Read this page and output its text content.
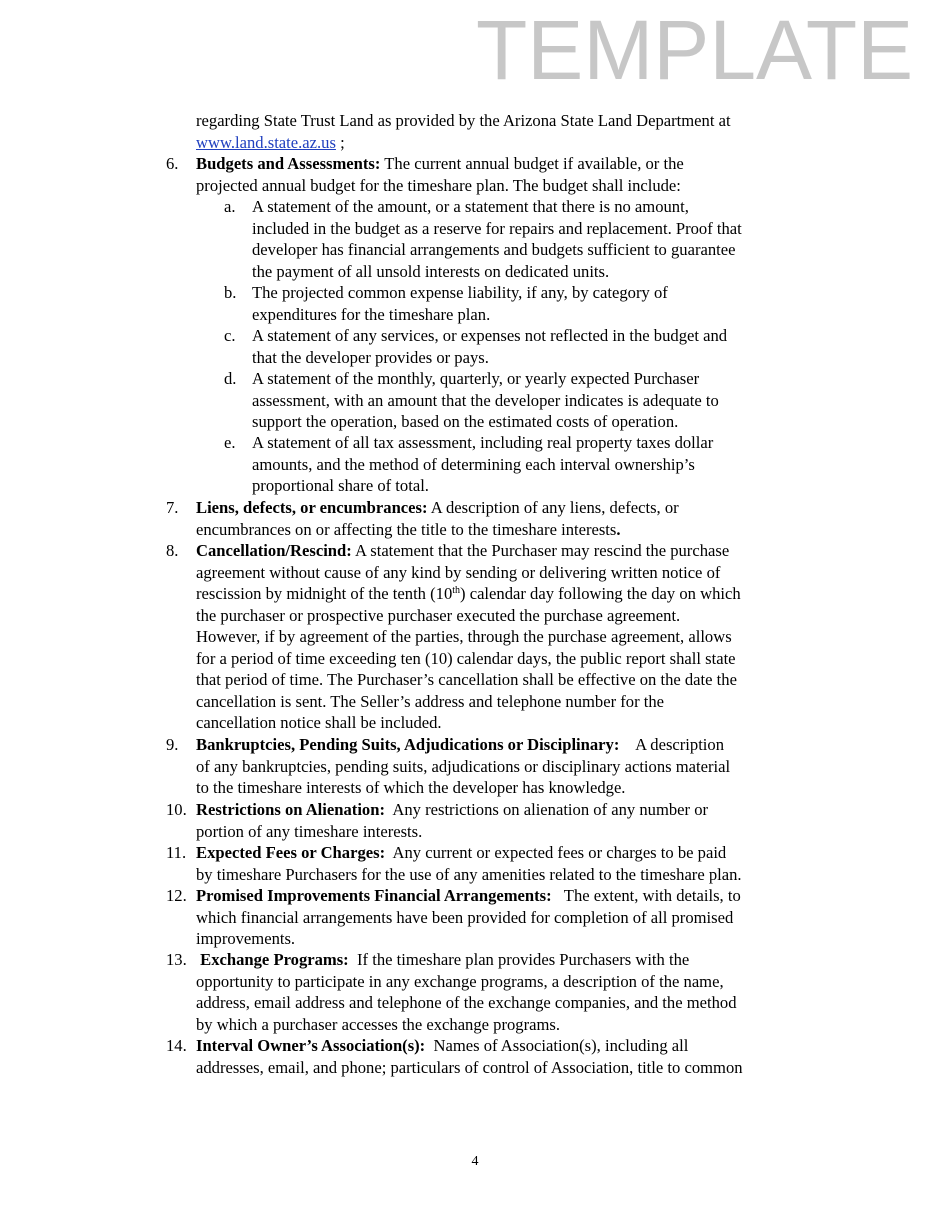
TEMPLATE
regarding State Trust Land as provided by the Arizona State Land Department at
www.land.state.az.us ;
6. Budgets and Assessments: The current annual budget if available, or the
projected annual budget for the timeshare plan. The budget shall include:
a. A statement of the amount, or a statement that there is no amount,
included in the budget as a reserve for repairs and replacement. Proof that
developer has financial arrangements and budgets sufficient to guarantee
the payment of all unsold interests on dedicated units.
b. The projected common expense liability, if any, by category of
expenditures for the timeshare plan.
c. A statement of any services, or expenses not reflected in the budget and
that the developer provides or pays.
d. A statement of the monthly, quarterly, or yearly expected Purchaser
assessment, with an amount that the developer indicates is adequate to
support the operation, based on the estimated costs of operation.
e. A statement of all tax assessment, including real property taxes dollar
amounts, and the method of determining each interval ownership’s
proportional share of total.
7. Liens, defects, or encumbrances: A description of any liens, defects, or
encumbrances on or affecting the title to the timeshare interests.
8. Cancellation/Rescind: A statement that the Purchaser may rescind the purchase
agreement without cause of any kind by sending or delivering written notice of
rescission by midnight of the tenth (10th) calendar day following the day on which
the purchaser or prospective purchaser executed the purchase agreement.
However, if by agreement of the parties, through the purchase agreement, allows
for a period of time exceeding ten (10) calendar days, the public report shall state
that period of time. The Purchaser’s cancellation shall be effective on the date the
cancellation is sent. The Seller’s address and telephone number for the
cancellation notice shall be included.
9. Bankruptcies, Pending Suits, Adjudications or Disciplinary:    A description
of any bankruptcies, pending suits, adjudications or disciplinary actions material
to the timeshare interests of which the developer has knowledge.
10. Restrictions on Alienation:  Any restrictions on alienation of any number or
portion of any timeshare interests.
11. Expected Fees or Charges:  Any current or expected fees or charges to be paid
by timeshare Purchasers for the use of any amenities related to the timeshare plan.
12. Promised Improvements Financial Arrangements:   The extent, with details, to
which financial arrangements have been provided for completion of all promised
improvements.
13. Exchange Programs:  If the timeshare plan provides Purchasers with the
opportunity to participate in any exchange programs, a description of the name,
address, email address and telephone of the exchange companies, and the method
by which a purchaser accesses the exchange programs.
14. Interval Owner’s Association(s):  Names of Association(s), including all
addresses, email, and phone; particulars of control of Association, title to common
4
